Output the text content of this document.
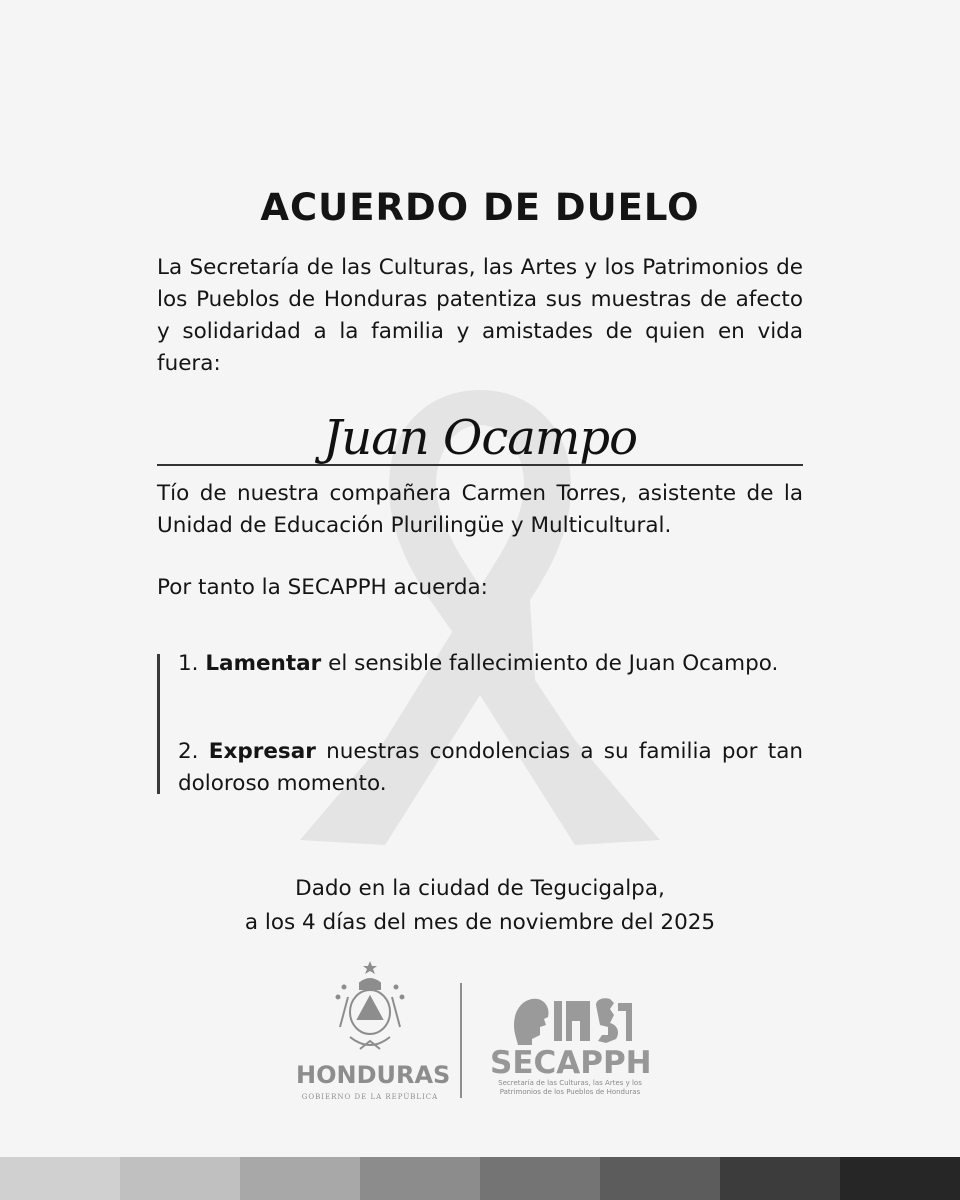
ACUERDO DE DUELO
La Secretaría de las Culturas, las Artes y los Patrimonios de los Pueblos de Honduras patentiza sus muestras de afecto y solidaridad a la familia y amistades de quien en vida fuera:
Juan Ocampo
Tío de nuestra compañera Carmen Torres, asistente de la Unidad de Educación Plurilingüe y Multicultural.
Por tanto la SECAPPH acuerda:
1. Lamentar el sensible fallecimiento de Juan Ocampo.
2. Expresar nuestras condolencias a su familia por tan doloroso momento.
Dado en la ciudad de Tegucigalpa,
a los 4 días del mes de noviembre del 2025
HONDURAS
GOBIERNO DE LA REPÚBLICA
SECAPPH
Secretaría de las Culturas, las Artes y los
Patrimonios de los Pueblos de Honduras
